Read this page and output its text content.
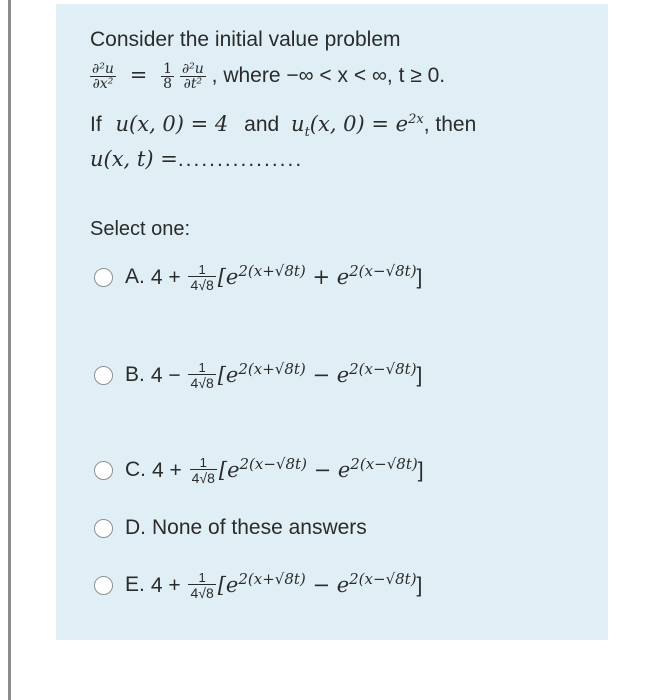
Consider the initial value problem
$\frac{\text{∂²u}}{\text{∂x²}} = \frac{1}{8}$
$\frac{\text{∂²u}}{\text{∂t²}}$ , where −∞ < x < ∞, t ≥ 0.
If u(x, 0) = 4 and $u_t(x$, $0) = e^{2x}$, then
u(x, t) =................
Select one:
A. $4 + \frac{1}{4√8} [e^{2(x+√8t)} + e^{2(x-√8t)}]$
B. $4 - \frac{1}{4√8} [e^{2(x+√8t)} - e^{2(x-√8t)}]$
C. $4 + \frac{1}{4√8} [e^{2(x-√8t)} - e^{2(x-√8t)}]$
D. None of these answers
E. $4 + \frac{1}{4√8} [e^{2(x+√8t)} - e^{2(x-√8t)}]$
